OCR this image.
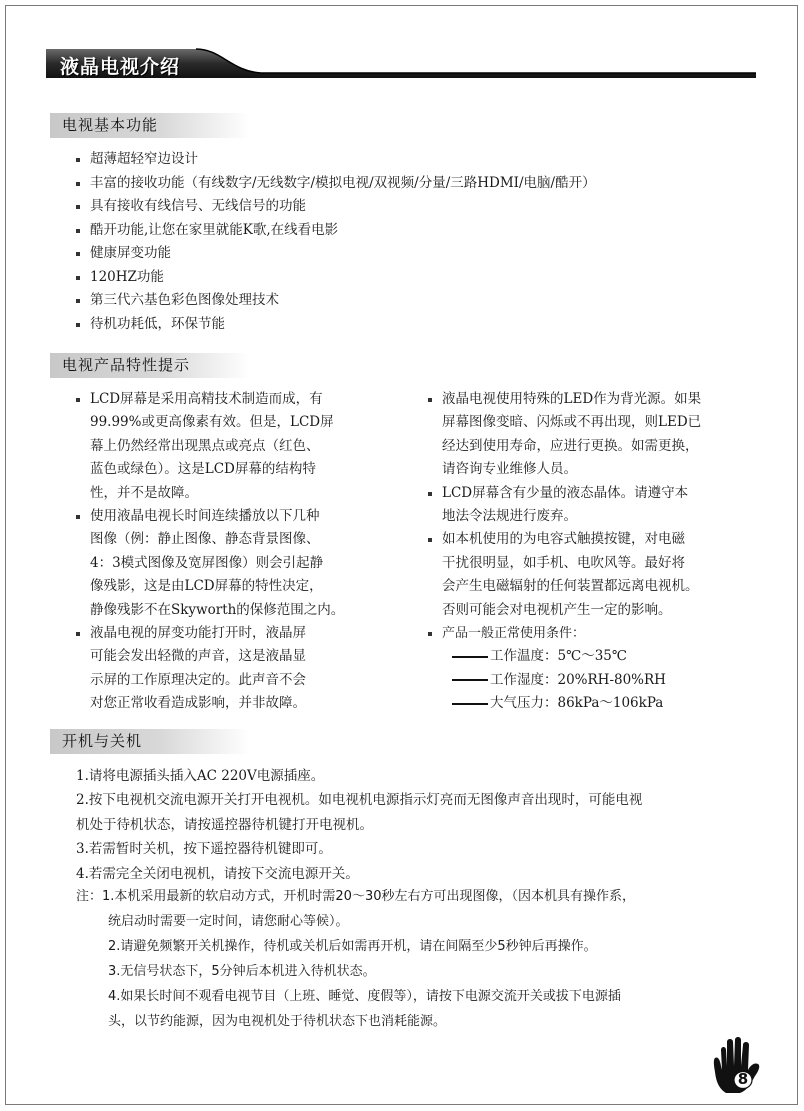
液晶电视介绍
电视基本功能
超薄超轻窄边设计
丰富的接收功能（有线数字/无线数字/模拟电视/双视频/分量/三路HDMI/电脑/酷开）
具有接收有线信号、无线信号的功能
酷开功能,让您在家里就能K歌,在线看电影
健康屏变功能
120HZ功能
第三代六基色彩色图像处理技术
待机功耗低，环保节能
电视产品特性提示
LCD屏幕是采用高精技术制造而成，有
99.99%或更高像素有效。但是，LCD屏
幕上仍然经常出现黑点或亮点（红色、
蓝色或绿色）。这是LCD屏幕的结构特
性，并不是故障。
使用液晶电视长时间连续播放以下几种
图像（例：静止图像、静态背景图像、
4：3模式图像及宽屏图像）则会引起静
像残影，这是由LCD屏幕的特性决定，
静像残影不在Skyworth的保修范围之内。
液晶电视的屏变功能打开时，液晶屏
可能会发出轻微的声音，这是液晶显
示屏的工作原理决定的。此声音不会
对您正常收看造成影响，并非故障。
液晶电视使用特殊的LED作为背光源。如果
屏幕图像变暗、闪烁或不再出现，则LED已
经达到使用寿命，应进行更换。如需更换，
请咨询专业维修人员。
LCD屏幕含有少量的液态晶体。请遵守本
地法令法规进行废弃。
如本机使用的为电容式触摸按键，对电磁
干扰很明显，如手机、电吹风等。最好将
会产生电磁辐射的任何装置都远离电视机。
否则可能会对电视机产生一定的影响。
产品一般正常使用条件：
工作温度：5℃～35℃
工作湿度：20%RH-80%RH
大气压力：86kPa～106kPa
开机与关机
1.请将电源插头插入AC 220V电源插座。
2.按下电视机交流电源开关打开电视机。如电视机电源指示灯亮而无图像声音出现时，可能电视
机处于待机状态，请按遥控器待机键打开电视机。
3.若需暂时关机，按下遥控器待机键即可。
4.若需完全关闭电视机，请按下交流电源开关。
注：1.本机采用最新的软启动方式，开机时需20～30秒左右方可出现图像，（因本机具有操作系，
统启动时需要一定时间，请您耐心等候）。
2.请避免频繁开关机操作，待机或关机后如需再开机，请在间隔至少5秒钟后再操作。
3.无信号状态下，5分钟后本机进入待机状态。
4.如果长时间不观看电视节目（上班、睡觉、度假等），请按下电源交流开关或拔下电源插
头，以节约能源，因为电视机处于待机状态下也消耗能源。
8
